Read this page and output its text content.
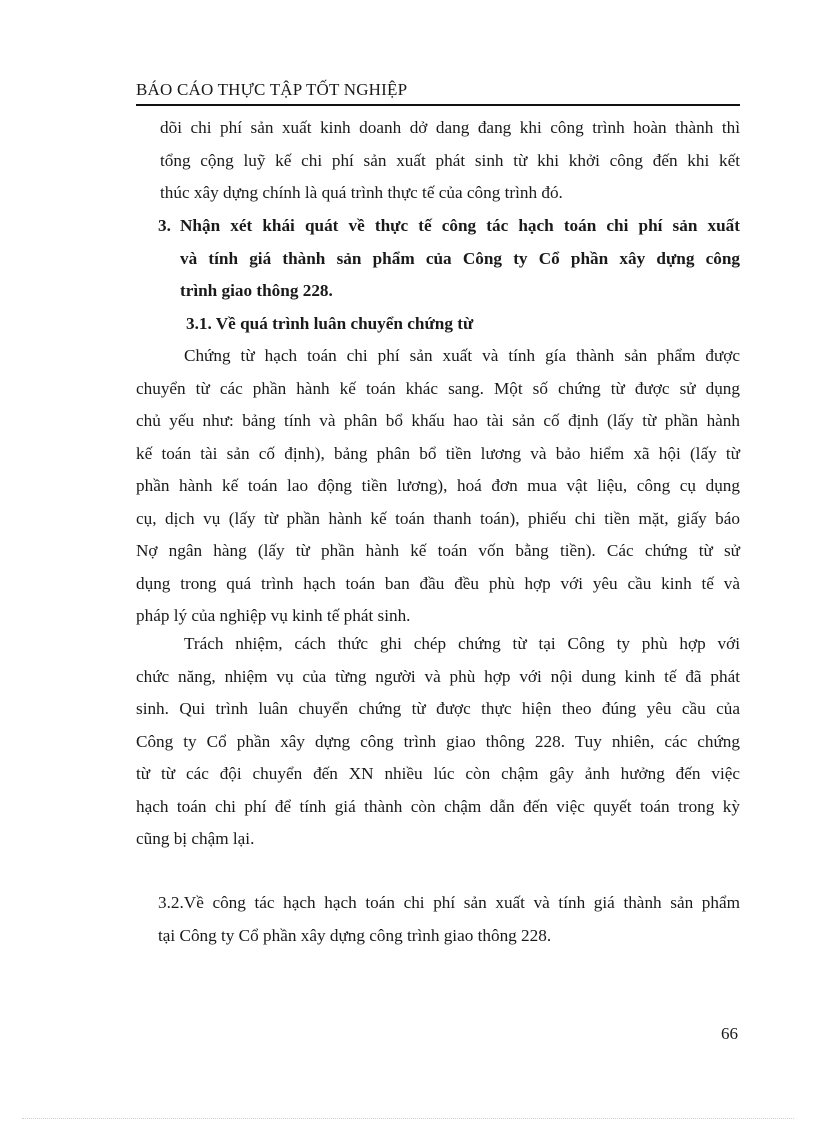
BÁO CÁO THỰC TẬP TỐT NGHIỆP

dõi chi phí sản xuất kinh doanh dở dang đang khi công trình hoàn thành thì
tổng cộng luỹ kế chi phí sản xuất phát sinh từ khi khởi công đến khi kết
thúc xây dựng chính là quá trình thực tế của công trình đó.

3. Nhận xét khái quát về thực tế công tác hạch toán chi phí sản xuất
và tính giá thành sản phẩm của Công ty Cổ phần xây dựng công
trình giao thông 228.
3.1. Về quá trình luân chuyển chứng từ

Chứng từ hạch toán chi phí sản xuất và tính gía thành sản phẩm được
chuyển từ các phần hành kế toán khác sang. Một số chứng từ được sử dụng
chủ yếu như: bảng tính và phân bổ khấu hao tài sản cố định (lấy từ phần hành
kế toán tài sản cố định), bảng phân bổ tiền lương và bảo hiểm xã hội (lấy từ
phần hành kế toán lao động tiền lương), hoá đơn mua vật liệu, công cụ dụng
cụ, dịch vụ (lấy từ phần hành kế toán thanh toán), phiếu chi tiền mặt, giấy báo
Nợ ngân hàng (lấy từ phần hành kế toán vốn bằng tiền). Các chứng từ sử
dụng trong quá trình hạch toán ban đầu đều phù hợp với yêu cầu kinh tế và
pháp lý của nghiệp vụ kinh tế phát sinh.

Trách nhiệm, cách thức ghi chép chứng từ tại Công ty phù hợp với
chức năng, nhiệm vụ của từng người và phù hợp với nội dung kinh tế đã phát
sinh. Qui trình luân chuyển chứng từ được thực hiện theo đúng yêu cầu của
Công ty Cổ phần xây dựng công trình giao thông 228. Tuy nhiên, các chứng
từ từ các đội chuyển đến XN nhiều lúc còn chậm gây ảnh hưởng đến việc
hạch toán chi phí để tính giá thành còn chậm dẫn đến việc quyết toán trong kỳ
cũng bị chậm lại.

3.2.Về công tác hạch hạch toán chi phí sản xuất và tính giá thành sản phẩm
tại Công ty Cổ phần xây dựng công trình giao thông 228.
66
